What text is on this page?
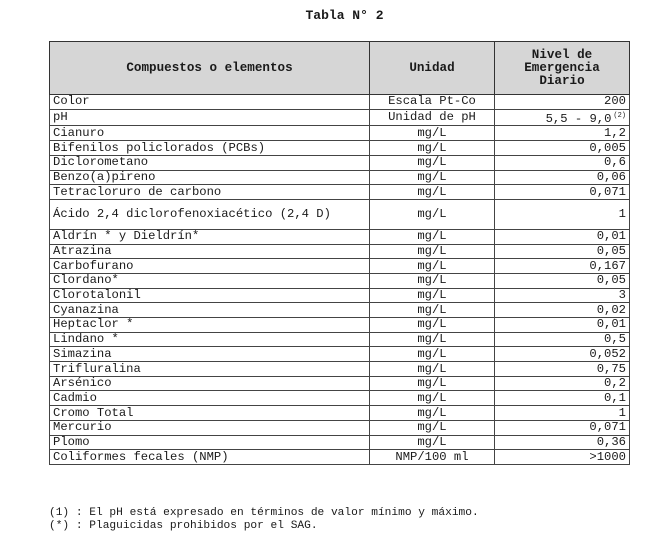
Tabla N° 2
Compuestos o elementos	Unidad	Nivel de
Emergencia
Diario
Color	Escala Pt-Co	200
pH	Unidad de pH	5,5 - 9,0 $^{(2)}$
Cianuro	mg/L	1,2
Bifenilos policlorados (PCBs)	mg/L	0,005
Diclorometano	mg/L	0,6
Benzo(a)pireno	mg/L	0,06
Tetracloruro de carbono	mg/L	0,071
Ácido 2,4 diclorofenoxiacético (2,4 D)	mg/L	1
Aldrín * y Dieldrín*	mg/L	0,01
Atrazina	mg/L	0,05
Carbofurano	mg/L	0,167
Clordano*	mg/L	0,05
Clorotalonil	mg/L	3
Cyanazina	mg/L	0,02
Heptaclor *	mg/L	0,01
Lindano *	mg/L	0,5
Simazina	mg/L	0,052
Trifluralina	mg/L	0,75
Arsénico	mg/L	0,2
Cadmio	mg/L	0,1
Cromo Total	mg/L	1
Mercurio	mg/L	0,071
Plomo	mg/L	0,36
Coliformes fecales (NMP)	NMP/100 ml	>1000
(1) : El pH está expresado en términos de valor mínimo y máximo.
(*) : Plaguicidas prohibidos por el SAG.
